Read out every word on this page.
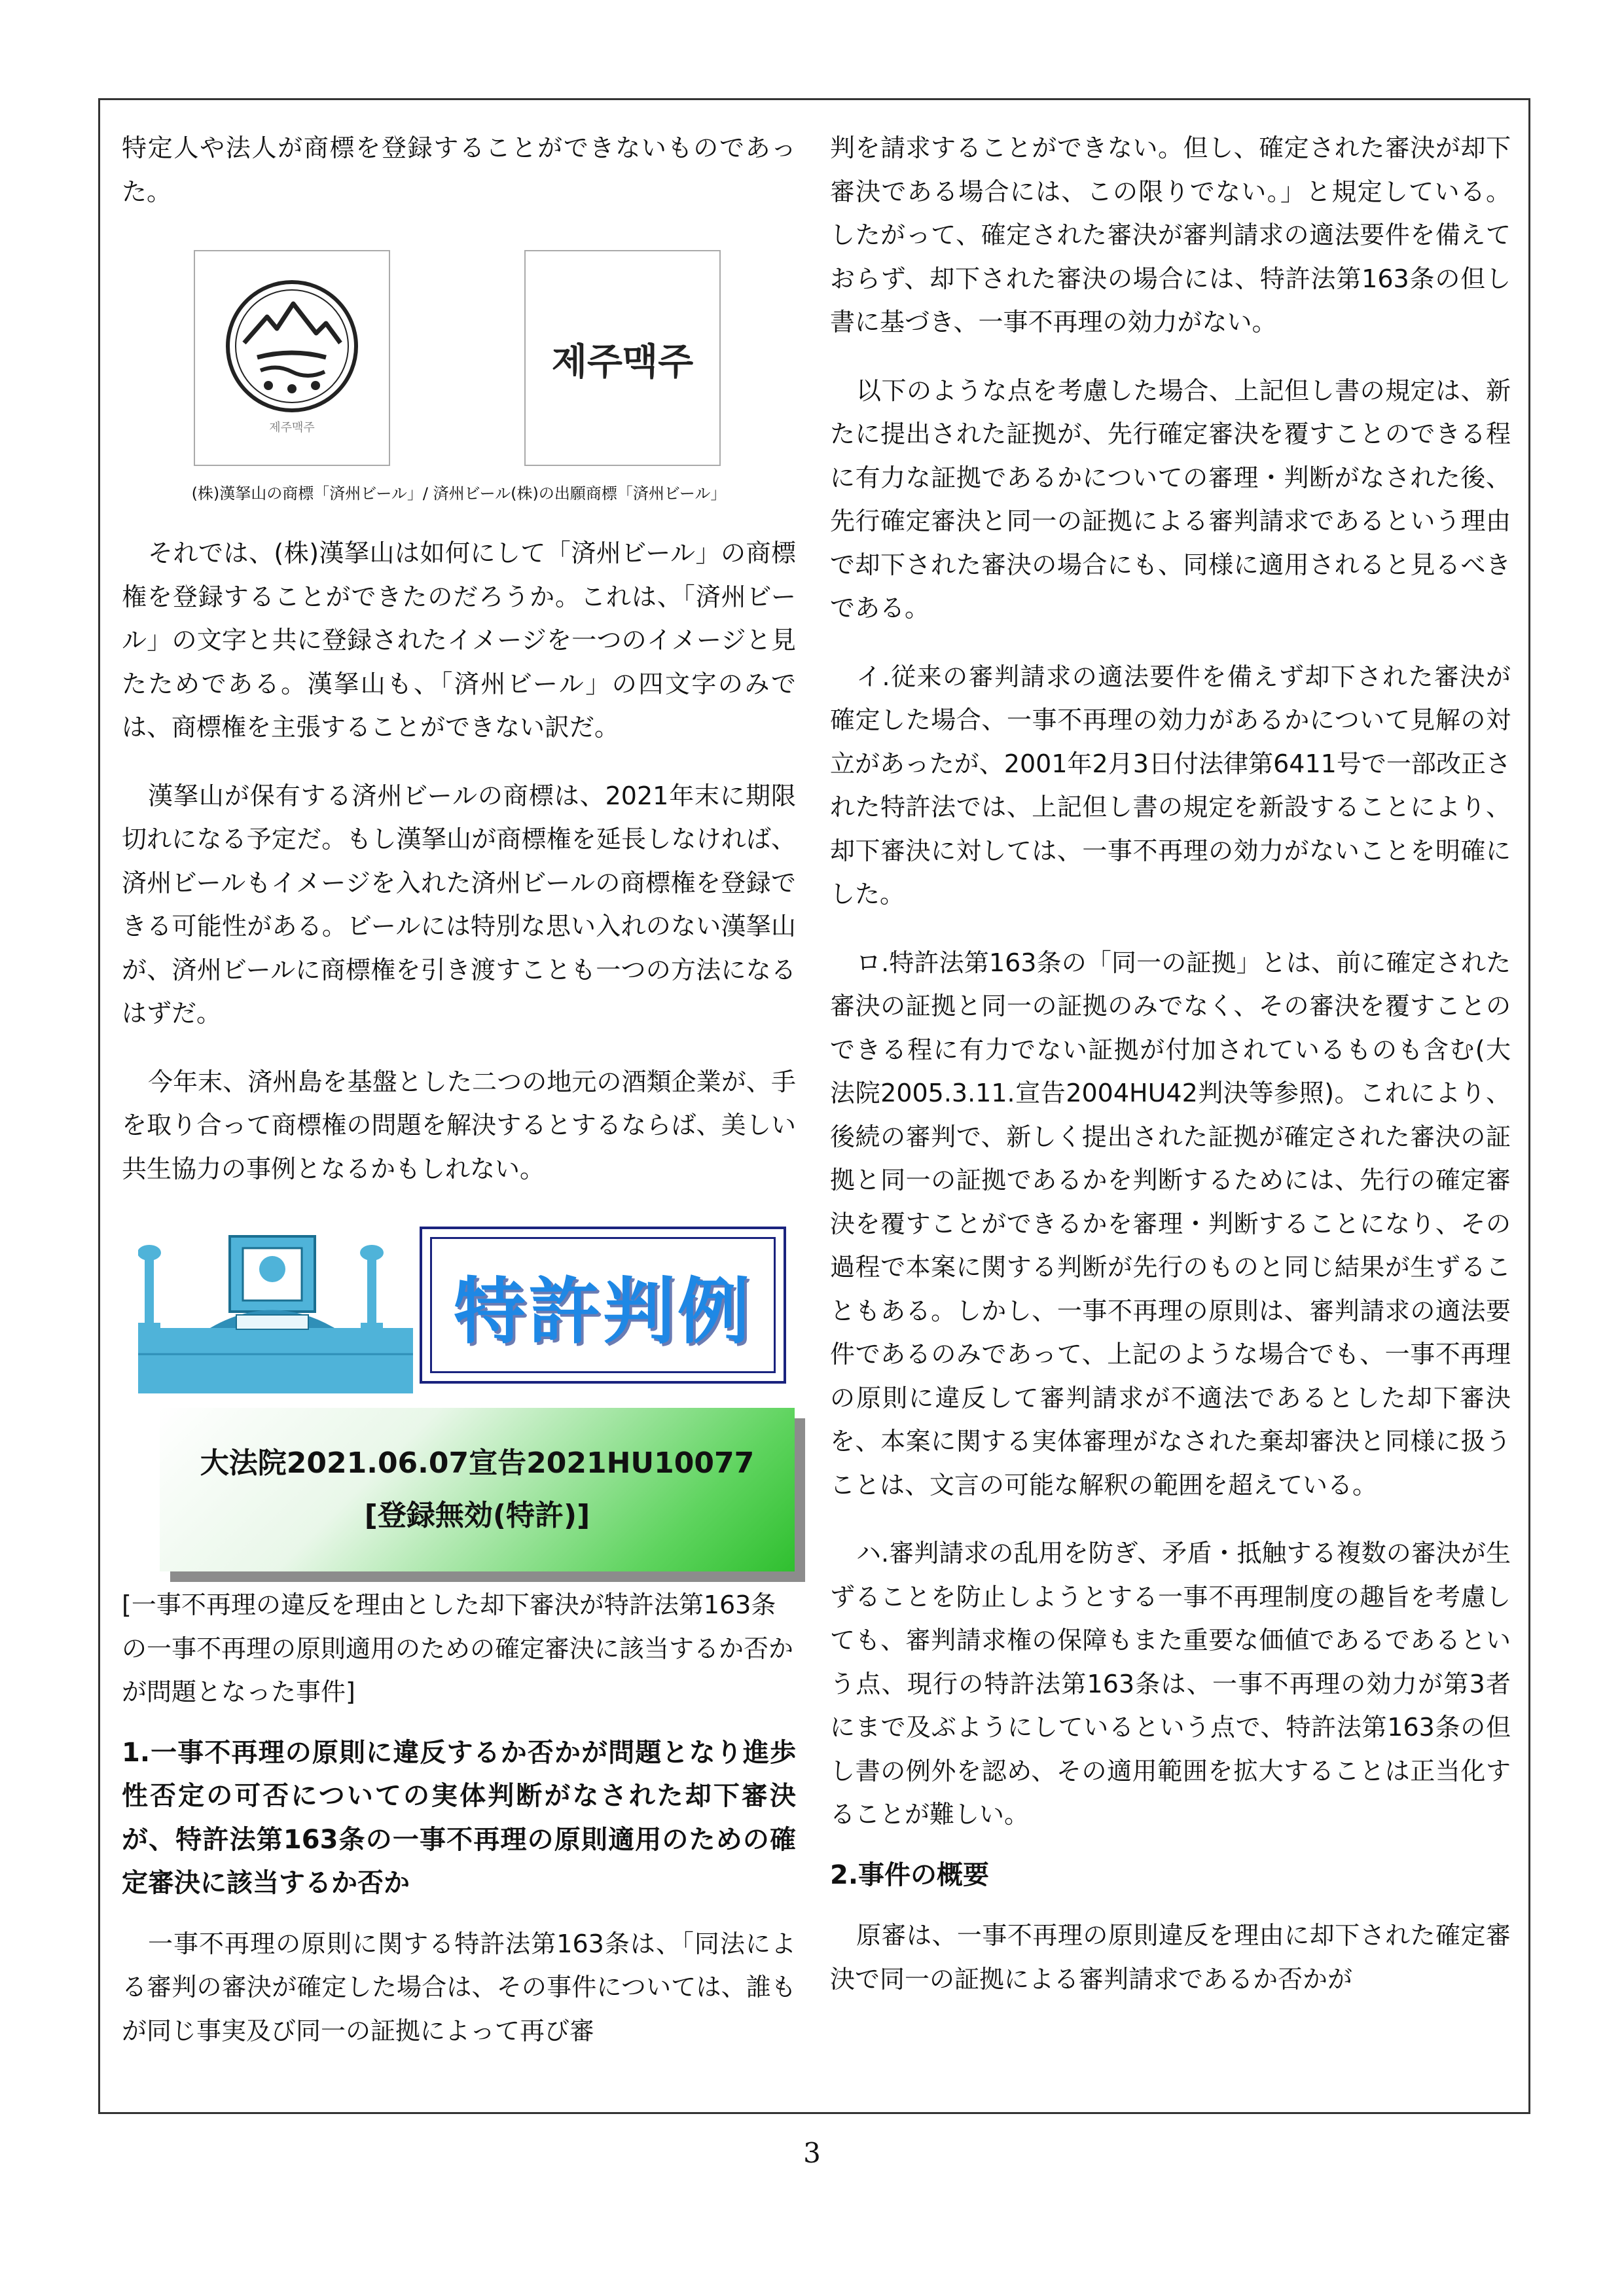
特定人や法人が商標を登録することができないものであった。

제주맥주
제주맥주
(株)漢拏山の商標「済州ビール」/ 済州ビール(株)の出願商標「済州ビール」

それでは、(株)漢拏山は如何にして「済州ビール」の商標権を登録することができたのだろうか。これは、「済州ビール」の文字と共に登録されたイメージを一つのイメージと見たためである。漢拏山も、「済州ビール」の四文字のみでは、商標権を主張することができない訳だ。

漢拏山が保有する済州ビールの商標は、2021年末に期限切れになる予定だ。もし漢拏山が商標権を延長しなければ、済州ビールもイメージを入れた済州ビールの商標権を登録できる可能性がある。ビールには特別な思い入れのない漢拏山が、済州ビールに商標権を引き渡すことも一つの方法になるはずだ。

今年末、済州島を基盤とした二つの地元の酒類企業が、手を取り合って商標権の問題を解決するとするならば、美しい共生協力の事例となるかもしれない。

特許判例
大法院2021.06.07宣告2021HU10077
[登録無効(特許)]

[一事不再理の違反を理由とした却下審決が特許法第163条の一事不再理の原則適用のための確定審決に該当するか否かが問題となった事件]

1.一事不再理の原則に違反するか否かが問題となり進歩性否定の可否についての実体判断がなされた却下審決が、特許法第163条の一事不再理の原則適用のための確定審決に該当するか否か

一事不再理の原則に関する特許法第163条は、「同法による審判の審決が確定した場合は、その事件については、誰もが同じ事実及び同一の証拠によって再び審

判を請求することができない。但し、確定された審決が却下審決である場合には、この限りでない。」と規定している。したがって、確定された審決が審判請求の適法要件を備えておらず、却下された審決の場合には、特許法第163条の但し書に基づき、一事不再理の効力がない。

以下のような点を考慮した場合、上記但し書の規定は、新たに提出された証拠が、先行確定審決を覆すことのできる程に有力な証拠であるかについての審理・判断がなされた後、先行確定審決と同一の証拠による審判請求であるという理由で却下された審決の場合にも、同様に適用されると見るべきである。

イ.従来の審判請求の適法要件を備えず却下された審決が確定した場合、一事不再理の効力があるかについて見解の対立があったが、2001年2月3日付法律第6411号で一部改正された特許法では、上記但し書の規定を新設することにより、却下審決に対しては、一事不再理の効力がないことを明確にした。

ロ.特許法第163条の「同一の証拠」とは、前に確定された審決の証拠と同一の証拠のみでなく、その審決を覆すことのできる程に有力でない証拠が付加されているものも含む(大法院2005.3.11.宣告2004HU42判決等参照)。これにより、後続の審判で、新しく提出された証拠が確定された審決の証拠と同一の証拠であるかを判断するためには、先行の確定審決を覆すことができるかを審理・判断することになり、その過程で本案に関する判断が先行のものと同じ結果が生ずることもある。しかし、一事不再理の原則は、審判請求の適法要件であるのみであって、上記のような場合でも、一事不再理の原則に違反して審判請求が不適法であるとした却下審決を、本案に関する実体審理がなされた棄却審決と同様に扱うことは、文言の可能な解釈の範囲を超えている。

ハ.審判請求の乱用を防ぎ、矛盾・抵触する複数の審決が生ずることを防止しようとする一事不再理制度の趣旨を考慮しても、審判請求権の保障もまた重要な価値であるであるという点、現行の特許法第163条は、一事不再理の効力が第3者にまで及ぶようにしているという点で、特許法第163条の但し書の例外を認め、その適用範囲を拡大することは正当化することが難しい。

2.事件の概要

原審は、一事不再理の原則違反を理由に却下された確定審決で同一の証拠による審判請求であるか否かが

3
